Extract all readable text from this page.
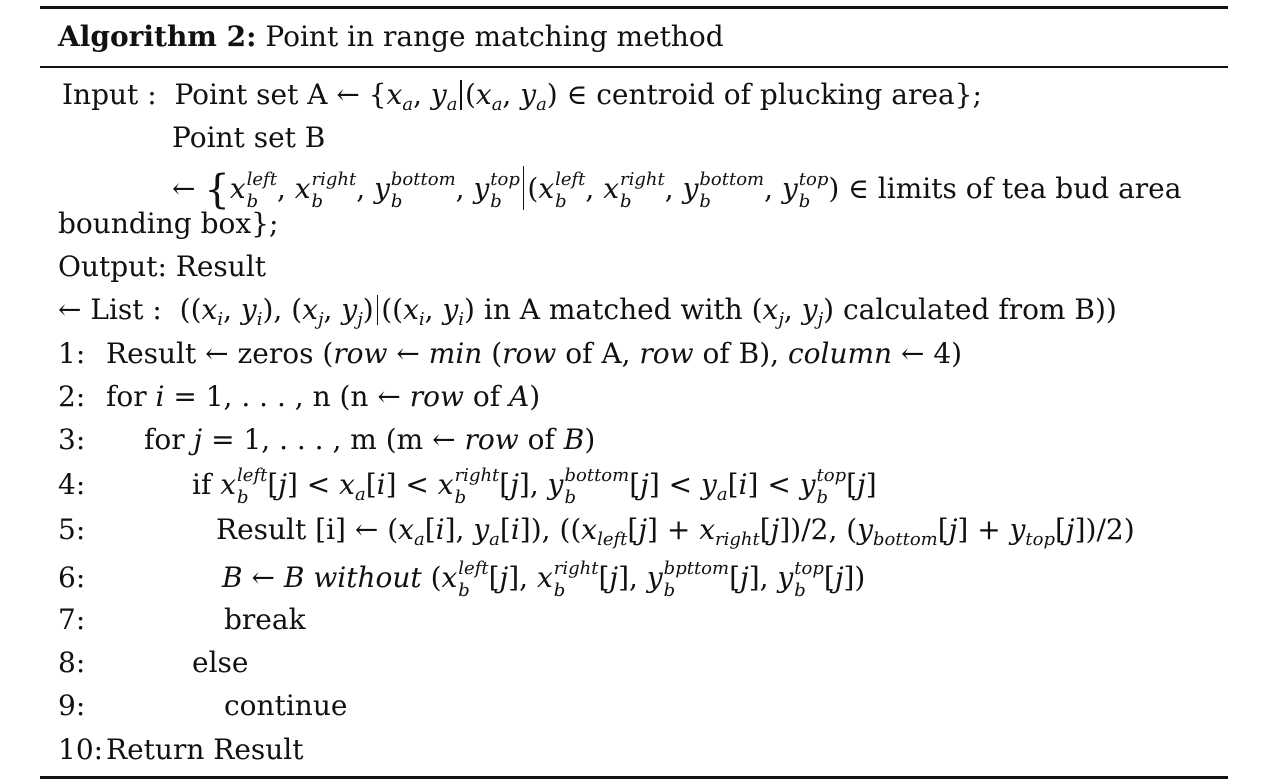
Algorithm 2: Point in range matching method
Input : Point set A ← {$x_a$, $y_a$ ($x_a$, $y_a$) ∈ centroid of plucking area};
Point set B
← {x left
b , x right
b	, y bottom
b	, y top
b (x left
b , x right
b	, y bottom
b	, y top
b ) ∈ limits of tea bud area
bounding box};
Output: Result
← List :  (($x_i$, $y_i$), ($x_j$, $y_j$) (($x_i$, $y_i$) in A matched with ($x_j$, $y_j$) calculated from B))
1: Result ← zeros (row ← min (row of A, row of B), column ← 4)
2: for i = 1, . . . , n (n ← row of A)
3: for j = 1, . . . , m (m ← row of B)
4:	if x left
b $[j] < x_a[i] < x$ right
b	[j], y bottom
b	$[j] < y_a[i] < y$ top
b [j]
5:	Result [i] ← ($x_a[i]$, $y_a[i]$), ($(x_{left}[j] + x_{right}[j])/2$, $(y_{bottom}[j] + y_{top}[j])/2$)
6:	B ← B without (x left
b [j], x right
b	[j], y bpttom
b	[j], y top
b [j])
7:	break
8:	else
9:	continue
10: Return Result
